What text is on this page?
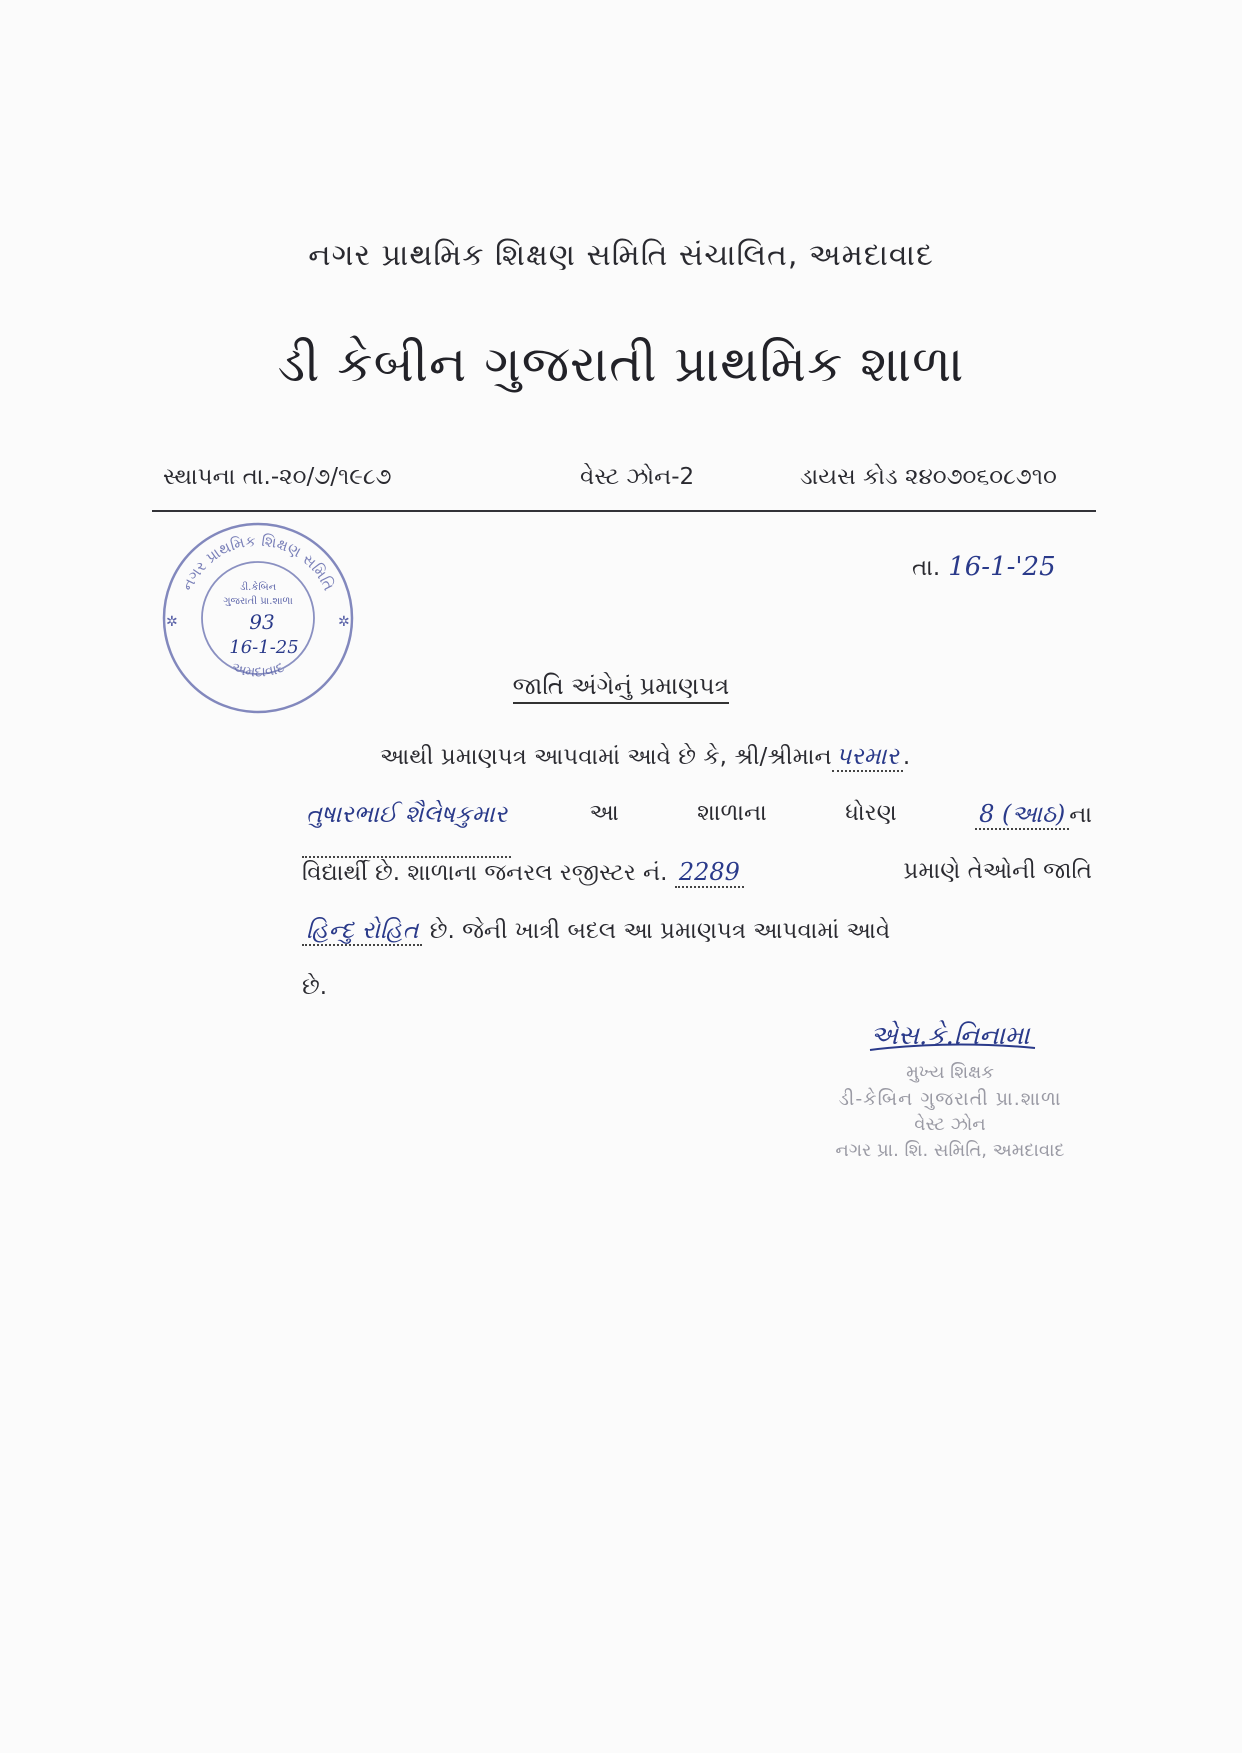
નગર પ્રાથમિક શિક્ષણ સમિતિ સંચાલિત, અમદાવાદ
ડી કેબીન ગુજરાતી પ્રાથમિક શાળા
સ્થાપના તા.-૨૦/૭/૧૯૮૭	વેસ્ટ ઝોન-2	ડાયસ કોડ ૨૪૦૭૦૬૦૮૭૧૦
તા. 16-1-'25
નગર પ્રાથમિક શિક્ષણ સમિતિ
અમદાવાદ
ડી.કેબિન
ગુજરાતી પ્રા.શાળા
93
16-1-25
✲
✲
જાતિ અંગેનું પ્રમાણપત્ર
આથી પ્રમાણપત્ર આપવામાં આવે છે કે, શ્રી/શ્રીમાન પરમાર .
તુષારભાઈ શૈલેષકુમાર	આ	શાળાના	ધોરણ	8 (આઠ) ના
વિદ્યાર્થી છે. શાળાના જનરલ રજીસ્ટર નં. 2289	પ્રમાણે તેઓની જાતિ
હિન્દુ રોહિત છે. જેની ખાત્રી બદલ આ પ્રમાણપત્ર આપવામાં આવે
છે.
એસ.કે.નિનામા
મુખ્ય શિક્ષક
ડી-કેબિન ગુજરાતી પ્રા.શાળા
વેસ્ટ ઝોન
નગર પ્રા. શિ. સમિતિ, અમદાવાદ
